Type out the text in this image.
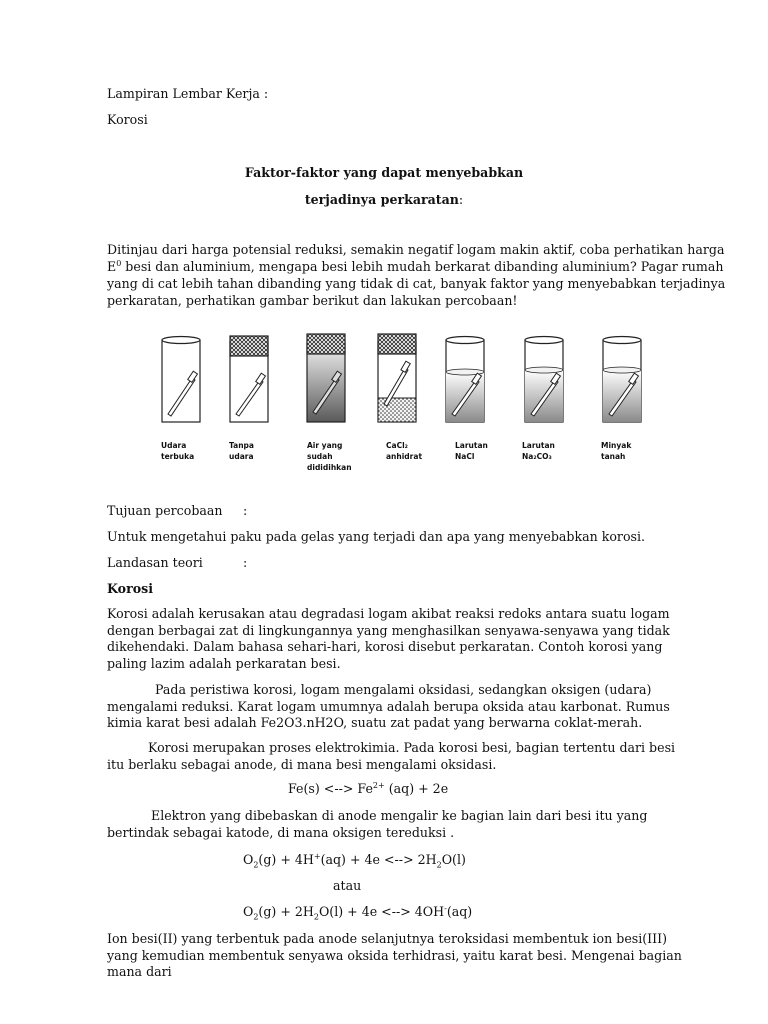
Lampiran Lembar Kerja :
Korosi
Faktor-faktor yang dapat menyebabkan
terjadinya perkaratan:
Ditinjau dari harga potensial reduksi, semakin negatif logam makin aktif, coba perhatikan harga
$E^0$ besi dan aluminium, mengapa besi lebih mudah berkarat dibanding aluminium? Pagar rumah
yang di cat lebih tahan dibanding yang tidak di cat, banyak faktor yang menyebabkan terjadinya
perkaratan, perhatikan gambar berikut dan lakukan percobaan!
Udara
terbuka
Tanpa
udara
Air yang
sudah
dididihkan
CaCl₂
anhidrat
Larutan
NaCl
Larutan
Na₂CO₃
Minyak
tanah
Tujuan percobaan :
Untuk mengetahui paku pada gelas yang terjadi dan apa yang menyebabkan korosi.
Landasan teori	:
Korosi

Korosi adalah kerusakan atau degradasi logam akibat reaksi redoks antara suatu logam dengan berbagai zat di lingkungannya yang menghasilkan senyawa-senyawa yang tidak dikehendaki. Dalam bahasa sehari-hari, korosi disebut perkaratan. Contoh korosi yang paling lazim adalah perkaratan besi.

Pada peristiwa korosi, logam mengalami oksidasi, sedangkan oksigen (udara) mengalami reduksi. Karat logam umumnya adalah berupa oksida atau karbonat. Rumus kimia karat besi adalah Fe2O3.nH2O, suatu zat padat yang berwarna coklat-merah.

Korosi merupakan proses elektrokimia. Pada korosi besi, bagian tertentu dari besi itu berlaku sebagai anode, di mana besi mengalami oksidasi.

Fe(s) <--> $Fe^{2+}$ (aq) + 2e

Elektron yang dibebaskan di anode mengalir ke bagian lain dari besi itu yang bertindak sebagai katode, di mana oksigen tereduksi .

$O_2(g) + 4H^+(aq) + 4e$ <--> $2H_2O(l)$
atau
$O_2(g) + 2H_2O(l) + 4e$ <--> 4OH-(aq)

Ion besi(II) yang terbentuk pada anode selanjutnya teroksidasi membentuk ion besi(III) yang kemudian membentuk senyawa oksida terhidrasi, yaitu karat besi. Mengenai bagian mana dari
